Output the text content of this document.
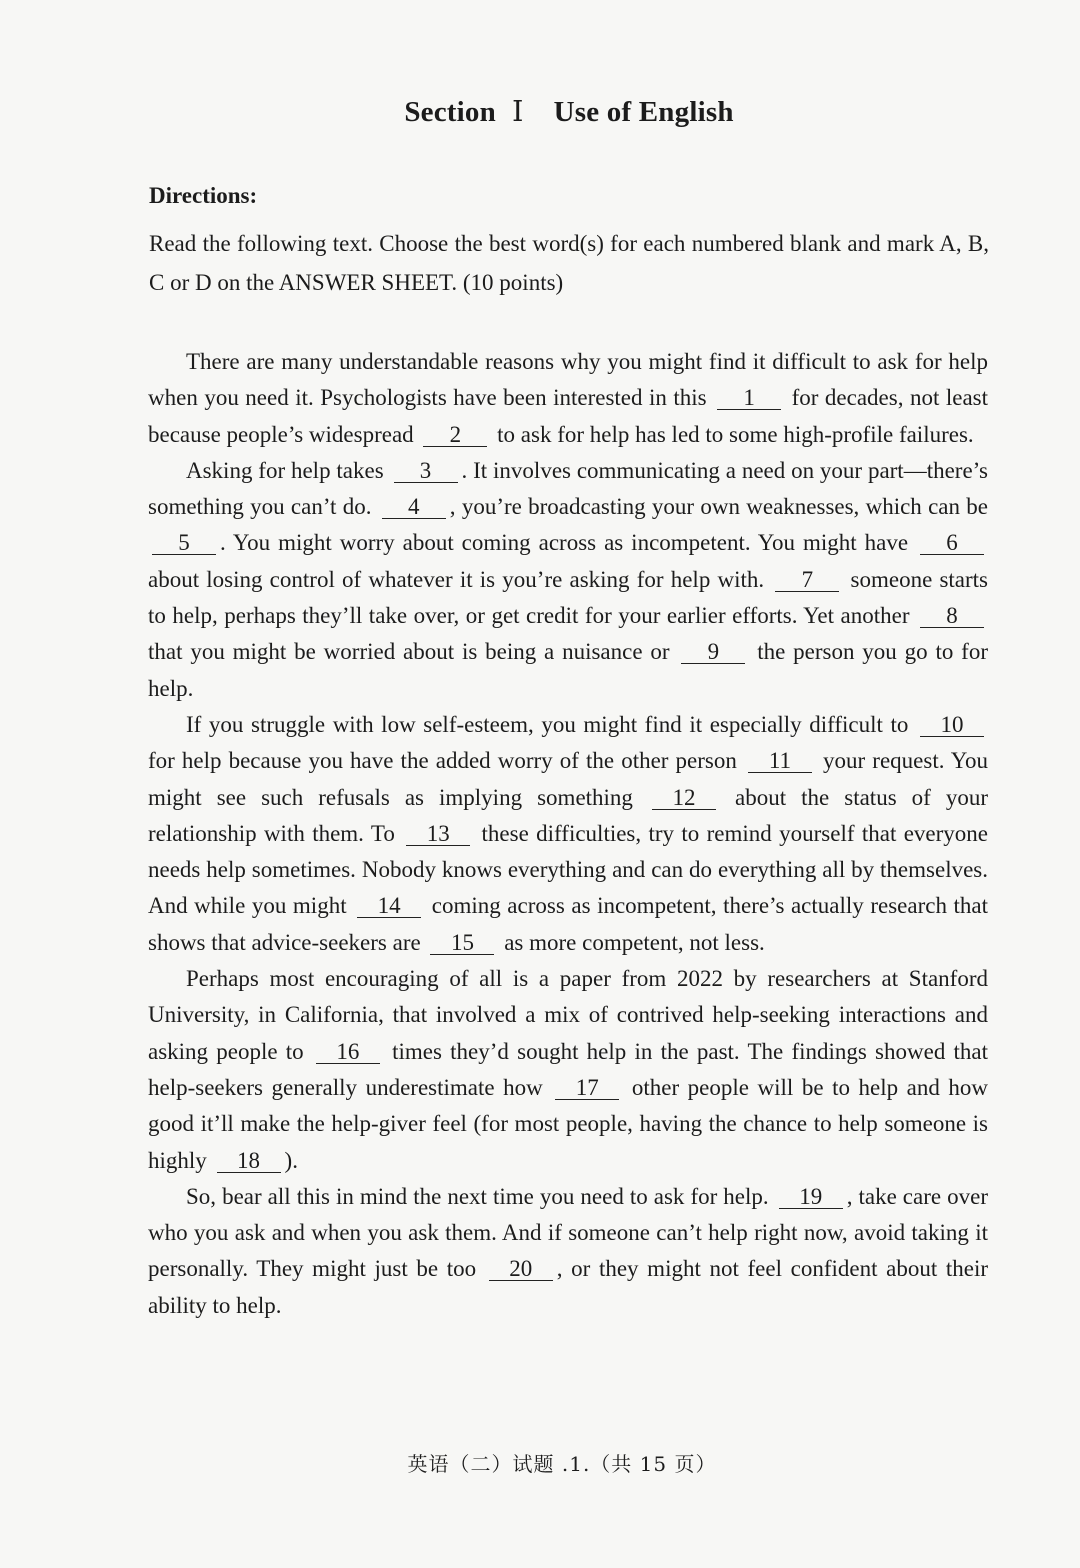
Section Ⅰ Use of English
Directions:
Read the following text. Choose the best word(s) for each numbered blank and mark A, B, C or D on the ANSWER SHEET. (10 points)

There are many understandable reasons why you might find it difficult to ask for help when you need it. Psychologists have been interested in this 1 for decades, not least because people’s widespread 2 to ask for help has led to some high-profile failures.

Asking for help takes 3 . It involves communicating a need on your part—there’s something you can’t do. 4 , you’re broadcasting your own weaknesses, which can be 5 . You might worry about coming across as incompetent. You might have 6 about losing control of whatever it is you’re asking for help with. 7 someone starts to help, perhaps they’ll take over, or get credit for your earlier efforts. Yet another 8 that you might be worried about is being a nuisance or 9 the person you go to for help.

If you struggle with low self-esteem, you might find it especially difficult to 10 for help because you have the added worry of the other person 11 your request. You might see such refusals as implying something 12 about the status of your relationship with them. To 13 these difficulties, try to remind yourself that everyone needs help sometimes. Nobody knows everything and can do everything all by themselves. And while you might 14 coming across as incompetent, there’s actually research that shows that advice-seekers are 15 as more competent, not less.

Perhaps most encouraging of all is a paper from 2022 by researchers at Stanford University, in California, that involved a mix of contrived help-seeking interactions and asking people to 16 times they’d sought help in the past. The findings showed that help-seekers generally underestimate how 17 other people will be to help and how good it’ll make the help-giver feel (for most people, having the chance to help someone is highly 18 ).

So, bear all this in mind the next time you need to ask for help. 19 , take care over who you ask and when you ask them. And if someone can’t help right now, avoid taking it personally. They might just be too 20 , or they might not feel confident about their ability to help.

英语（二）试题 .1.（共 15 页）
